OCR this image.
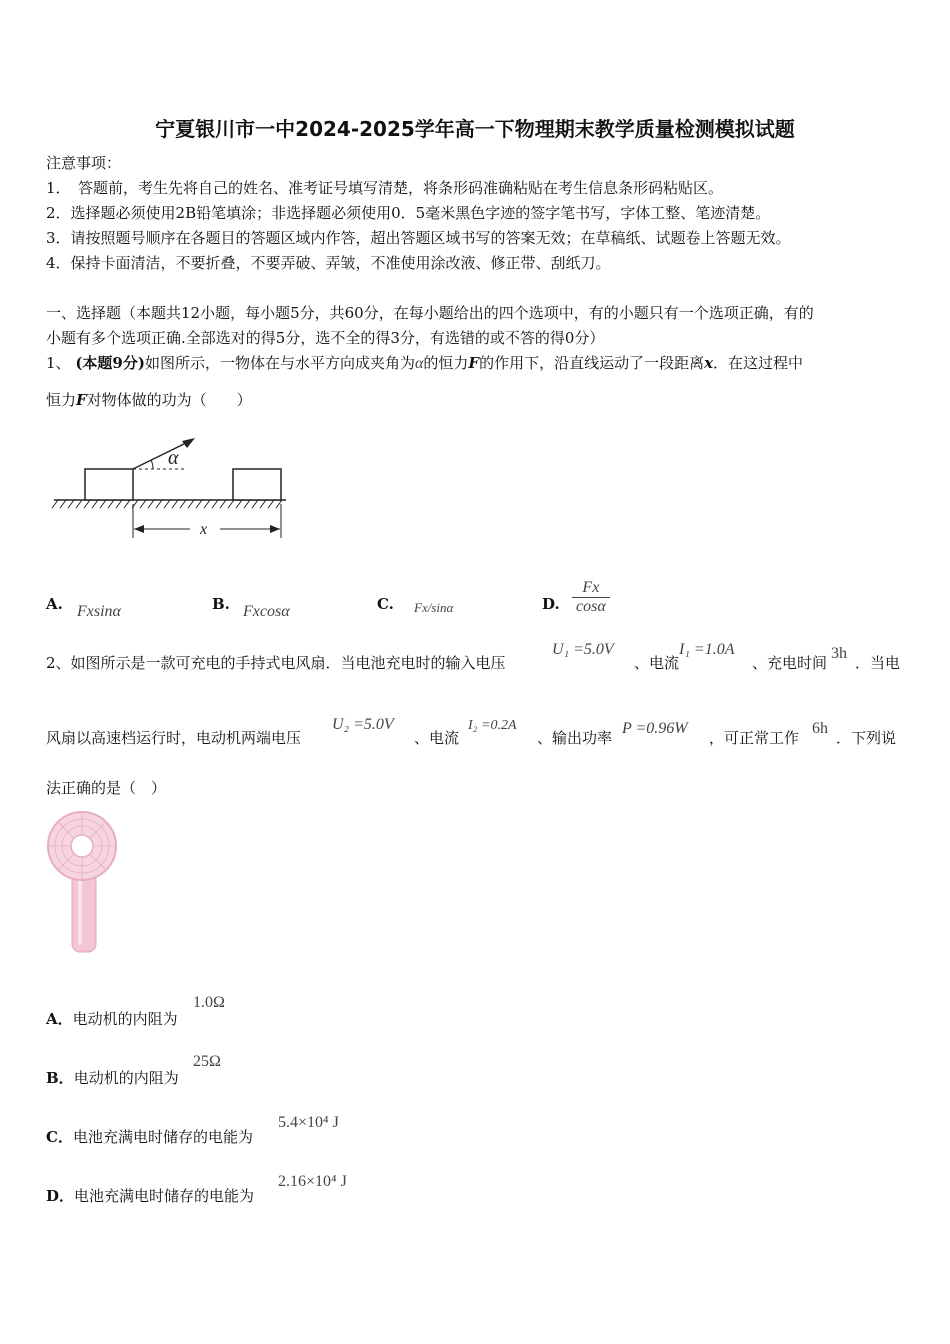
宁夏银川市一中2024-2025学年高一下物理期末教学质量检测模拟试题
注意事项：
1．　答题前，考生先将自己的姓名、准考证号填写清楚，将条形码准确粘贴在考生信息条形码粘贴区。
2．选择题必须使用2B铅笔填涂；非选择题必须使用0．5毫米黑色字迹的签字笔书写，字体工整、笔迹清楚。
3．请按照题号顺序在各题目的答题区域内作答，超出答题区域书写的答案无效；在草稿纸、试题卷上答题无效。
4．保持卡面清洁，不要折叠，不要弄破、弄皱，不准使用涂改液、修正带、刮纸刀。
一、选择题（本题共12小题，每小题5分，共60分，在每小题给出的四个选项中，有的小题只有一个选项正确，有的
小题有多个选项正确.全部选对的得5分，选不全的得3分，有选错的或不答的得0分）
1、 (本题9分)如图所示，一物体在与水平方向成夹角为α的恒力F的作用下，沿直线运动了一段距离x．在这过程中
恒力F对物体做的功为（　　）
α
x
A. Fxsinα	B. Fxcosα	C. Fx/sinα	D. $\frac{Fx}{\cos\alpha}$
2、如图所示是一款可充电的手持式电风扇．当电池充电时的输入电压
U₁ =5.0V
、电流
I₁ =1.0A
、充电时间
3h
．当电
风扇以高速档运行时，电动机两端电压
U₂ =5.0V
、电流
I₂ =0.2A
、输出功率
P =0.96W
，可正常工作
6h
．下列说
法正确的是（　）
A．电动机的内阻为
1.0Ω
B．电动机的内阻为
25Ω
C．电池充满电时储存的电能为
5.4×10⁴ J
D．电池充满电时储存的电能为
2.16×10⁴ J
